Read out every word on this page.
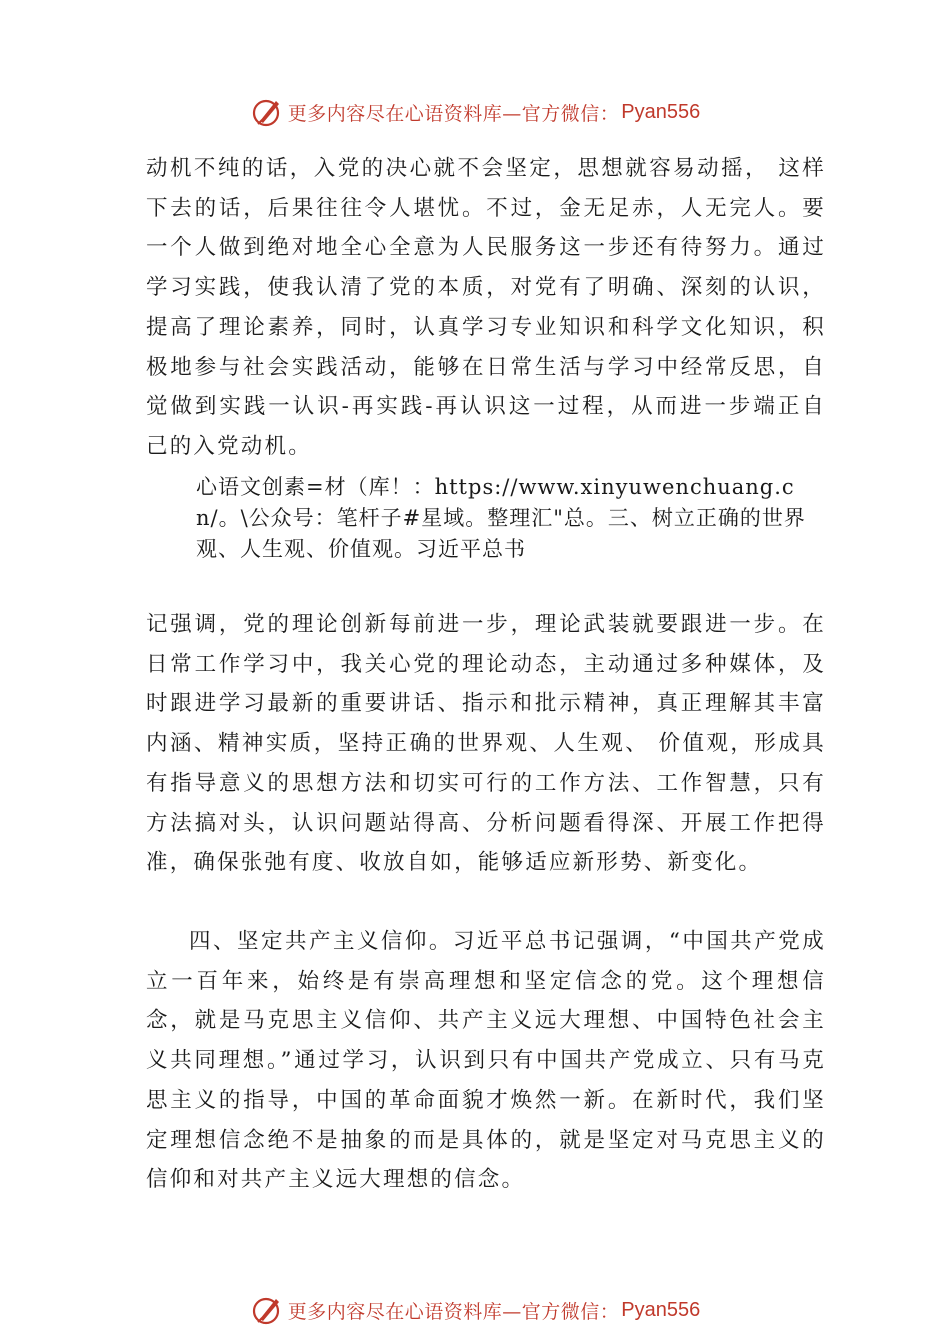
更多内容尽在心语资料库—官方微信： Pyan556

动机不纯的话，入党的决心就不会坚定，思想就容易动摇， 这样下去的话，后果往往令人堪忧。不过，金无足赤，人无完人。要一个人做到绝对地全心全意为人民服务这一步还有待努力。通过学习实践，使我认清了党的本质，对党有了明确、深刻的认识，提高了理论素养，同时，认真学习专业知识和科学文化知识，积极地参与社会实践活动，能够在日常生活与学习中经常反思，自觉做到实践一认识-再实践-再认识这一过程，从而进一步端正自己的入党动机。

心语文创素=材（库！：https://www.xinyuwenchuang.cn/。\公众号：笔杆子#星域。整理汇"总。三、树立正确的世界观、人生观、价值观。习近平总书

记强调，党的理论创新每前进一步，理论武装就要跟进一步。在日常工作学习中，我关心党的理论动态，主动通过多种媒体，及时跟进学习最新的重要讲话、指示和批示精神，真正理解其丰富内涵、精神实质，坚持正确的世界观、人生观、 价值观，形成具有指导意义的思想方法和切实可行的工作方法、工作智慧，只有方法搞对头，认识问题站得高、分析问题看得深、开展工作把得准，确保张弛有度、收放自如，能够适应新形势、新变化。

四、坚定共产主义信仰。习近平总书记强调，“中国共产党成立一百年来，始终是有崇高理想和坚定信念的党。这个理想信念，就是马克思主义信仰、共产主义远大理想、中国特色社会主义共同理想。”通过学习，认识到只有中国共产党成立、只有马克思主义的指导，中国的革命面貌才焕然一新。在新时代，我们坚定理想信念绝不是抽象的而是具体的，就是坚定对马克思主义的信仰和对共产主义远大理想的信念。

更多内容尽在心语资料库—官方微信： Pyan556
